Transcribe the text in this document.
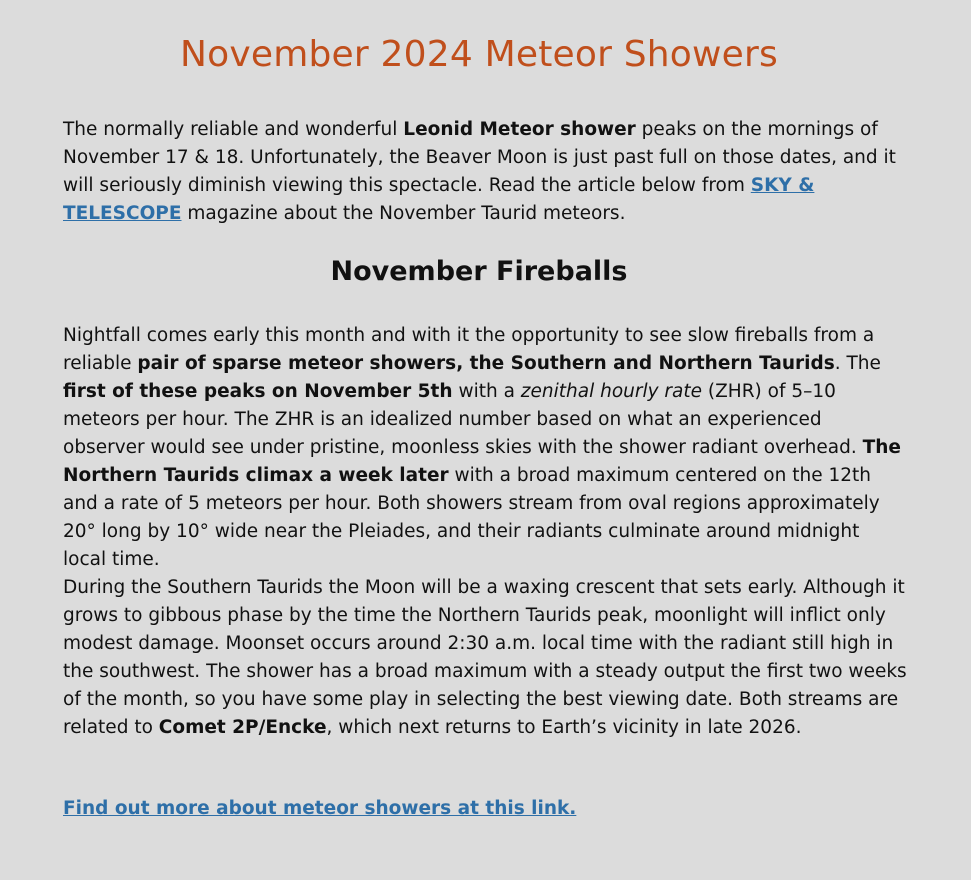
November 2024 Meteor Showers

The normally reliable and wonderful Leonid Meteor shower peaks on the mornings of November 17 & 18. Unfortunately, the Beaver Moon is just past full on those dates, and it will seriously diminish viewing this spectacle. Read the article below from SKY & TELESCOPE magazine about the November Taurid meteors.

November Fireballs

Nightfall comes early this month and with it the opportunity to see slow fireballs from a reliable pair of sparse meteor showers, the Southern and Northern Taurids. The first of these peaks on November 5th with a zenithal hourly rate (ZHR) of 5–10 meteors per hour. The ZHR is an idealized number based on what an experienced observer would see under pristine, moonless skies with the shower radiant overhead. The Northern Taurids climax a week later with a broad maximum centered on the 12th and a rate of 5 meteors per hour. Both showers stream from oval regions approximately 20° long by 10° wide near the Pleiades, and their radiants culminate around midnight local time.

During the Southern Taurids the Moon will be a waxing crescent that sets early. Although it grows to gibbous phase by the time the Northern Taurids peak, moonlight will inflict only modest damage. Moonset occurs around 2:30 a.m. local time with the radiant still high in the southwest. The shower has a broad maximum with a steady output the first two weeks of the month, so you have some play in selecting the best viewing date. Both streams are related to Comet 2P/Encke, which next returns to Earth’s vicinity in late 2026.

Find out more about meteor showers at this link.
